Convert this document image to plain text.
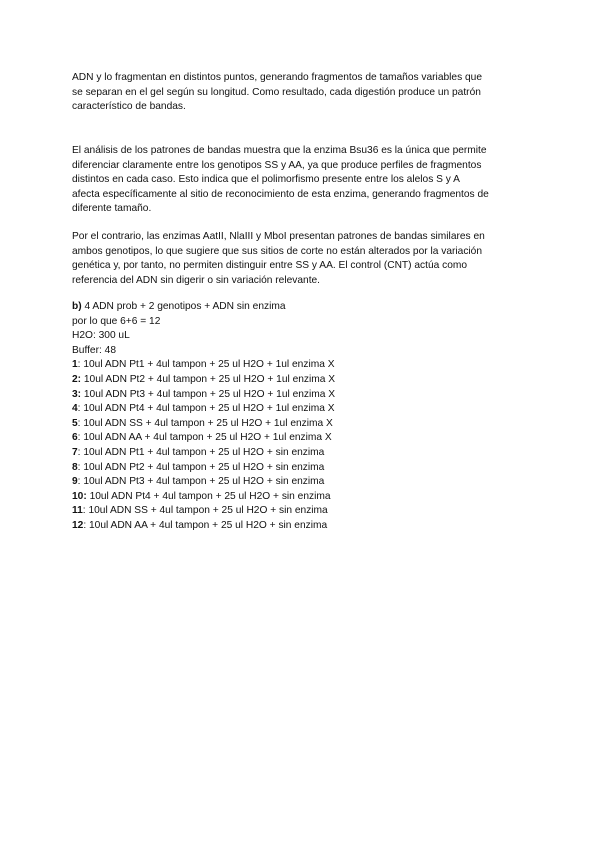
ADN y lo fragmentan en distintos puntos, generando fragmentos de tamaños variables que
se separan en el gel según su longitud. Como resultado, cada digestión produce un patrón
característico de bandas.
El análisis de los patrones de bandas muestra que la enzima Bsu36 es la única que permite
diferenciar claramente entre los genotipos SS y AA, ya que produce perfiles de fragmentos
distintos en cada caso. Esto indica que el polimorfismo presente entre los alelos S y A
afecta específicamente al sitio de reconocimiento de esta enzima, generando fragmentos de
diferente tamaño.
Por el contrario, las enzimas AatII, NlaIII y MboI presentan patrones de bandas similares en
ambos genotipos, lo que sugiere que sus sitios de corte no están alterados por la variación
genética y, por tanto, no permiten distinguir entre SS y AA. El control (CNT) actúa como
referencia del ADN sin digerir o sin variación relevante.
b) 4 ADN prob + 2 genotipos + ADN sin enzima
por lo que 6+6 = 12
H2O: 300 uL
Buffer: 48
1: 10ul ADN Pt1 + 4ul tampon + 25 ul H2O + 1ul enzima X
2: 10ul ADN Pt2 + 4ul tampon + 25 ul H2O + 1ul enzima X
3: 10ul ADN Pt3 + 4ul tampon + 25 ul H2O + 1ul enzima X
4: 10ul ADN Pt4 + 4ul tampon + 25 ul H2O + 1ul enzima X
5: 10ul ADN SS + 4ul tampon + 25 ul H2O + 1ul enzima X
6: 10ul ADN AA + 4ul tampon + 25 ul H2O + 1ul enzima X
7: 10ul ADN Pt1 + 4ul tampon + 25 ul H2O + sin enzima
8: 10ul ADN Pt2 + 4ul tampon + 25 ul H2O + sin enzima
9: 10ul ADN Pt3 + 4ul tampon + 25 ul H2O + sin enzima
10: 10ul ADN Pt4 + 4ul tampon + 25 ul H2O + sin enzima
11: 10ul ADN SS + 4ul tampon + 25 ul H2O + sin enzima
12: 10ul ADN AA + 4ul tampon + 25 ul H2O + sin enzima
